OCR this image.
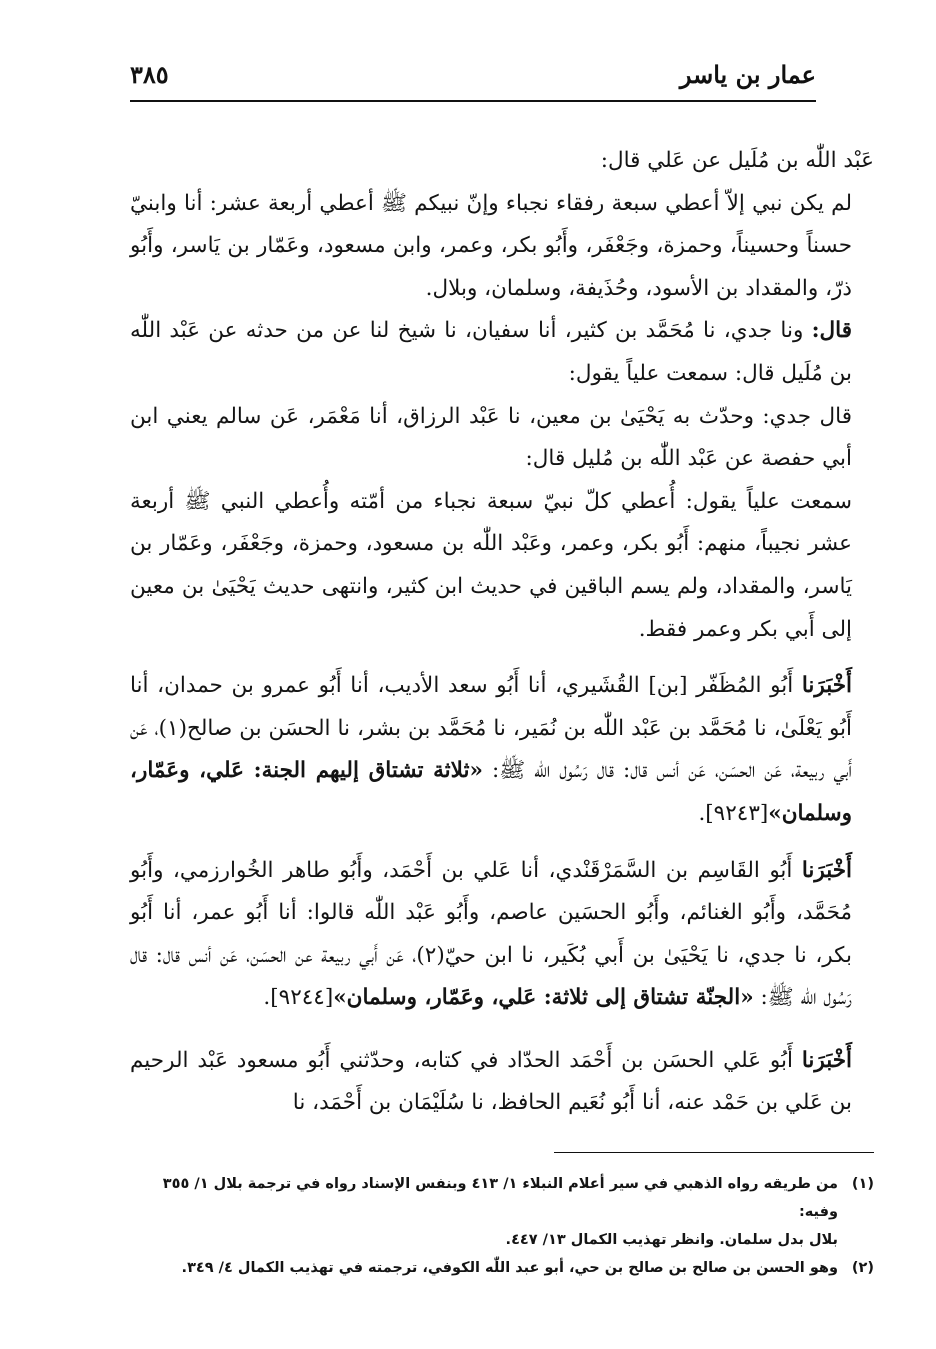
عمار بن ياسر
٣٨٥

عَبْد اللّٰه بن مُلَيل عن عَلي قال:

لم يكن نبي إلاّ أعطي سبعة رفقاء نجباء وإنّ نبيكم ﷺ أعطي أربعة عشر: أنا وابنيّ حسناً وحسيناً، وحمزة، وجَعْفَر، وأَبُو بكر، وعمر، وابن مسعود، وعَمّار بن يَاسر، وأَبُو ذرّ، والمقداد بن الأسود، وحُذَيفة، وسلمان، وبلال.

قال: ونا جدي، نا مُحَمَّد بن كثير، أنا سفيان، نا شيخ لنا عن من حدثه عن عَبْد اللّٰه بن مُلَيل قال: سمعت علياً يقول:

قال جدي: وحدّث به يَحْيَىٰ بن معين، نا عَبْد الرزاق، أنا مَعْمَر، عَن سالم يعني ابن أبي حفصة عن عَبْد اللّٰه بن مُليل قال:

سمعت علياً يقول: أُعطي كلّ نبيّ سبعة نجباء من أمّته وأُعطي النبي ﷺ أربعة عشر نجيباً، منهم: أَبُو بكر، وعمر، وعَبْد اللّٰه بن مسعود، وحمزة، وجَعْفَر، وعَمّار بن يَاسر، والمقداد، ولم يسم الباقين في حديث ابن كثير، وانتهى حديث يَحْيَىٰ بن معين إلى أَبي بكر وعمر فقط.

أَخْبَرَنا أَبُو المُظَفّر [بن] القُشَيري، أنا أَبُو سعد الأديب، أنا أَبُو عمرو بن حمدان، أنا أَبُو يَعْلَىٰ، نا مُحَمَّد بن عَبْد اللّٰه بن نُمَير، نا مُحَمَّد بن بشر، نا الحسَن بن صالح(١)، عَن أَبي ربيعة، عَن الحسَن، عَن أنس قال: قال رَسُول اللّٰه ﷺ: «ثلاثة تشتاق إليهم الجنة: عَلي، وعَمّار، وسلمان»[٩٢٤٣].

أَخْبَرَنا أَبُو القَاسِم بن السَّمَرْقَنْدي، أنا عَلي بن أَحْمَد، وأَبُو طاهر الخُوارزمي، وأَبُو مُحَمَّد، وأَبُو الغنائم، وأَبُو الحسَين عاصم، وأَبُو عَبْد اللّٰه قالوا: أنا أَبُو عمر، أنا أَبُو بكر، نا جدي، نا يَحْيَىٰ بن أَبي بُكَير، نا ابن حيّ(٢)، عَن أَبي ربيعة عن الحسَن، عَن أنس قال: قال رَسُول اللّٰه ﷺ: «الجنّة تشتاق إلى ثلاثة: عَلي، وعَمّار، وسلمان»[٩٢٤٤].

أَخْبَرَنا أَبُو عَلي الحسَن بن أَحْمَد الحدّاد في كتابه، وحدّثني أَبُو مسعود عَبْد الرحيم بن عَلي بن حَمْد عنه، أنا أَبُو نُعَيم الحافظ، نا سُلَيْمَان بن أَحْمَد، نا

(١)
من طريقه رواه الذهبي في سير أعلام النبلاء ١/ ٤١٣ وبنفس الإسناد رواه في ترجمة بلال ١/ ٣٥٥ وفيه:
بلال بدل سلمان. وانظر تهذيب الكمال ١٣/ ٤٤٧.
(٢)
وهو الحسن بن صالح بن صالح بن حي، أبو عبد اللّٰه الكوفي، ترجمته في تهذيب الكمال ٤/ ٣٤٩.
